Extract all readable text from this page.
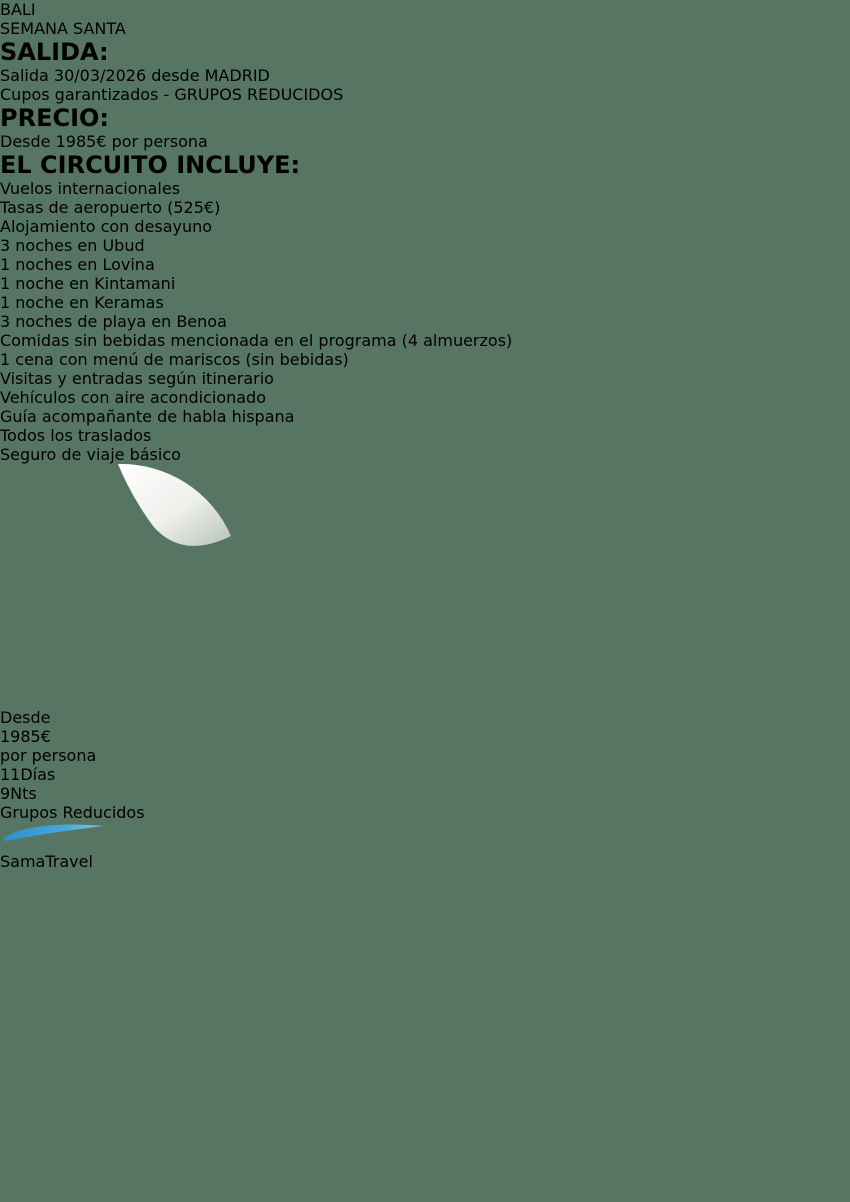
BALI
SEMANA SANTA
SALIDA:
• Salida 30/03/2026 desde MADRID
• Cupos garantizados - GRUPOS REDUCIDOS
PRECIO:
• Desde 1985€ por persona
EL CIRCUITO INCLUYE:
• Vuelos internacionales
• Tasas de aeropuerto (525€)
• Alojamiento con desayuno
• 3 noches en Ubud
• 1 noches en Lovina
• 1 noche en Kintamani
• 1 noche en Keramas
• 3 noches de playa en Benoa
• Comidas sin bebidas mencionada en el programa (4 almuerzos)
• 1 cena con menú de mariscos (sin bebidas)
• Visitas y entradas según itinerario
• Vehículos con aire acondicionado
• Guía acompañante de habla hispana
• Todos los traslados
• Seguro de viaje básico
Desde
1985€
por persona
11Días
9Nts
Grupos Reducidos
SamaTravel
